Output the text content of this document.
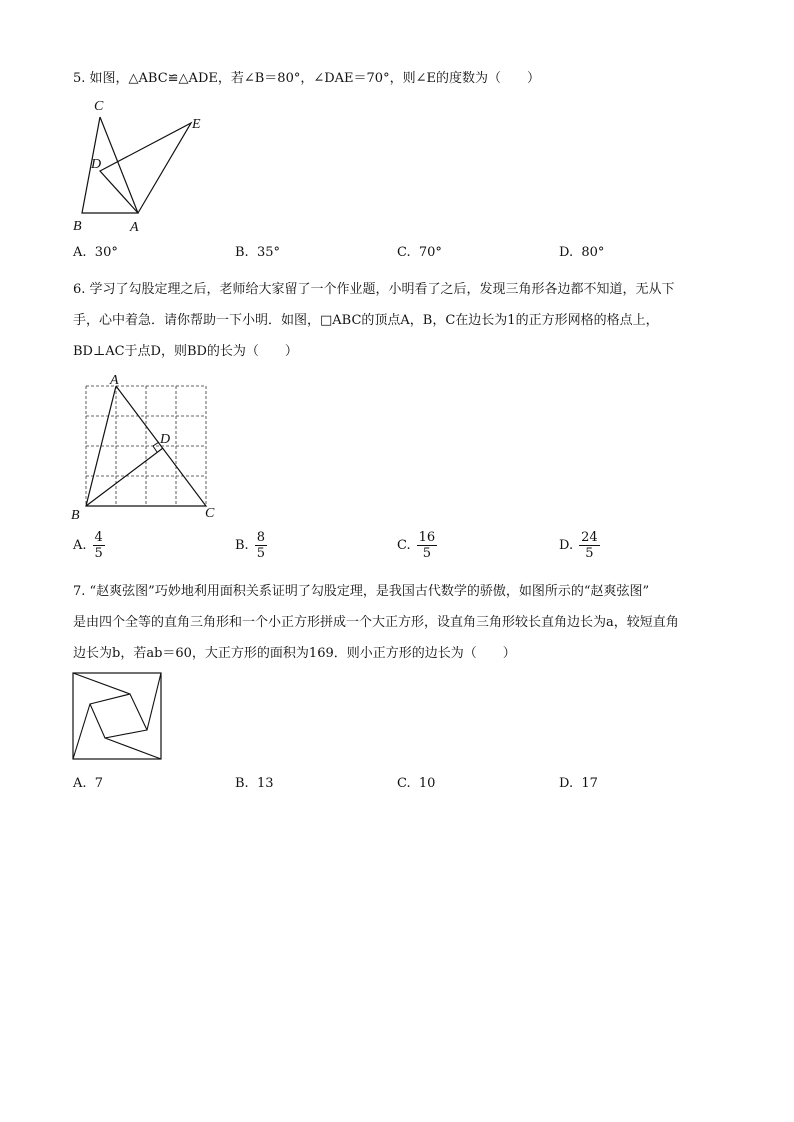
5. 如图，△ABC≌△ADE，若∠B＝80°，∠DAE＝70°，则∠E的度数为（　　）
C
D
E
B	A
A. 30°	B. 35°	C. 70°	D. 80°
6. 学习了勾股定理之后，老师给大家留了一个作业题，小明看了之后，发现三角形各边都不知道，无从下
手，心中着急．请你帮助一下小明．如图，□ABC的顶点A，B，C在边长为1的正方形网格的格点上，
BD⊥AC于点D，则BD的长为（　　）
A
D
B	C
A. $\frac{4}{5}$	B. $\frac{8}{5}$	C. $\frac{16}{5}$	D. $\frac{24}{5}$
7. “赵爽弦图”巧妙地利用面积关系证明了勾股定理，是我国古代数学的骄傲，如图所示的“赵爽弦图”
是由四个全等的直角三角形和一个小正方形拼成一个大正方形，设直角三角形较长直角边长为a，较短直角
边长为b，若ab＝60，大正方形的面积为169．则小正方形的边长为（　　）
A. 7	B. 13	C. 10	D. 17
